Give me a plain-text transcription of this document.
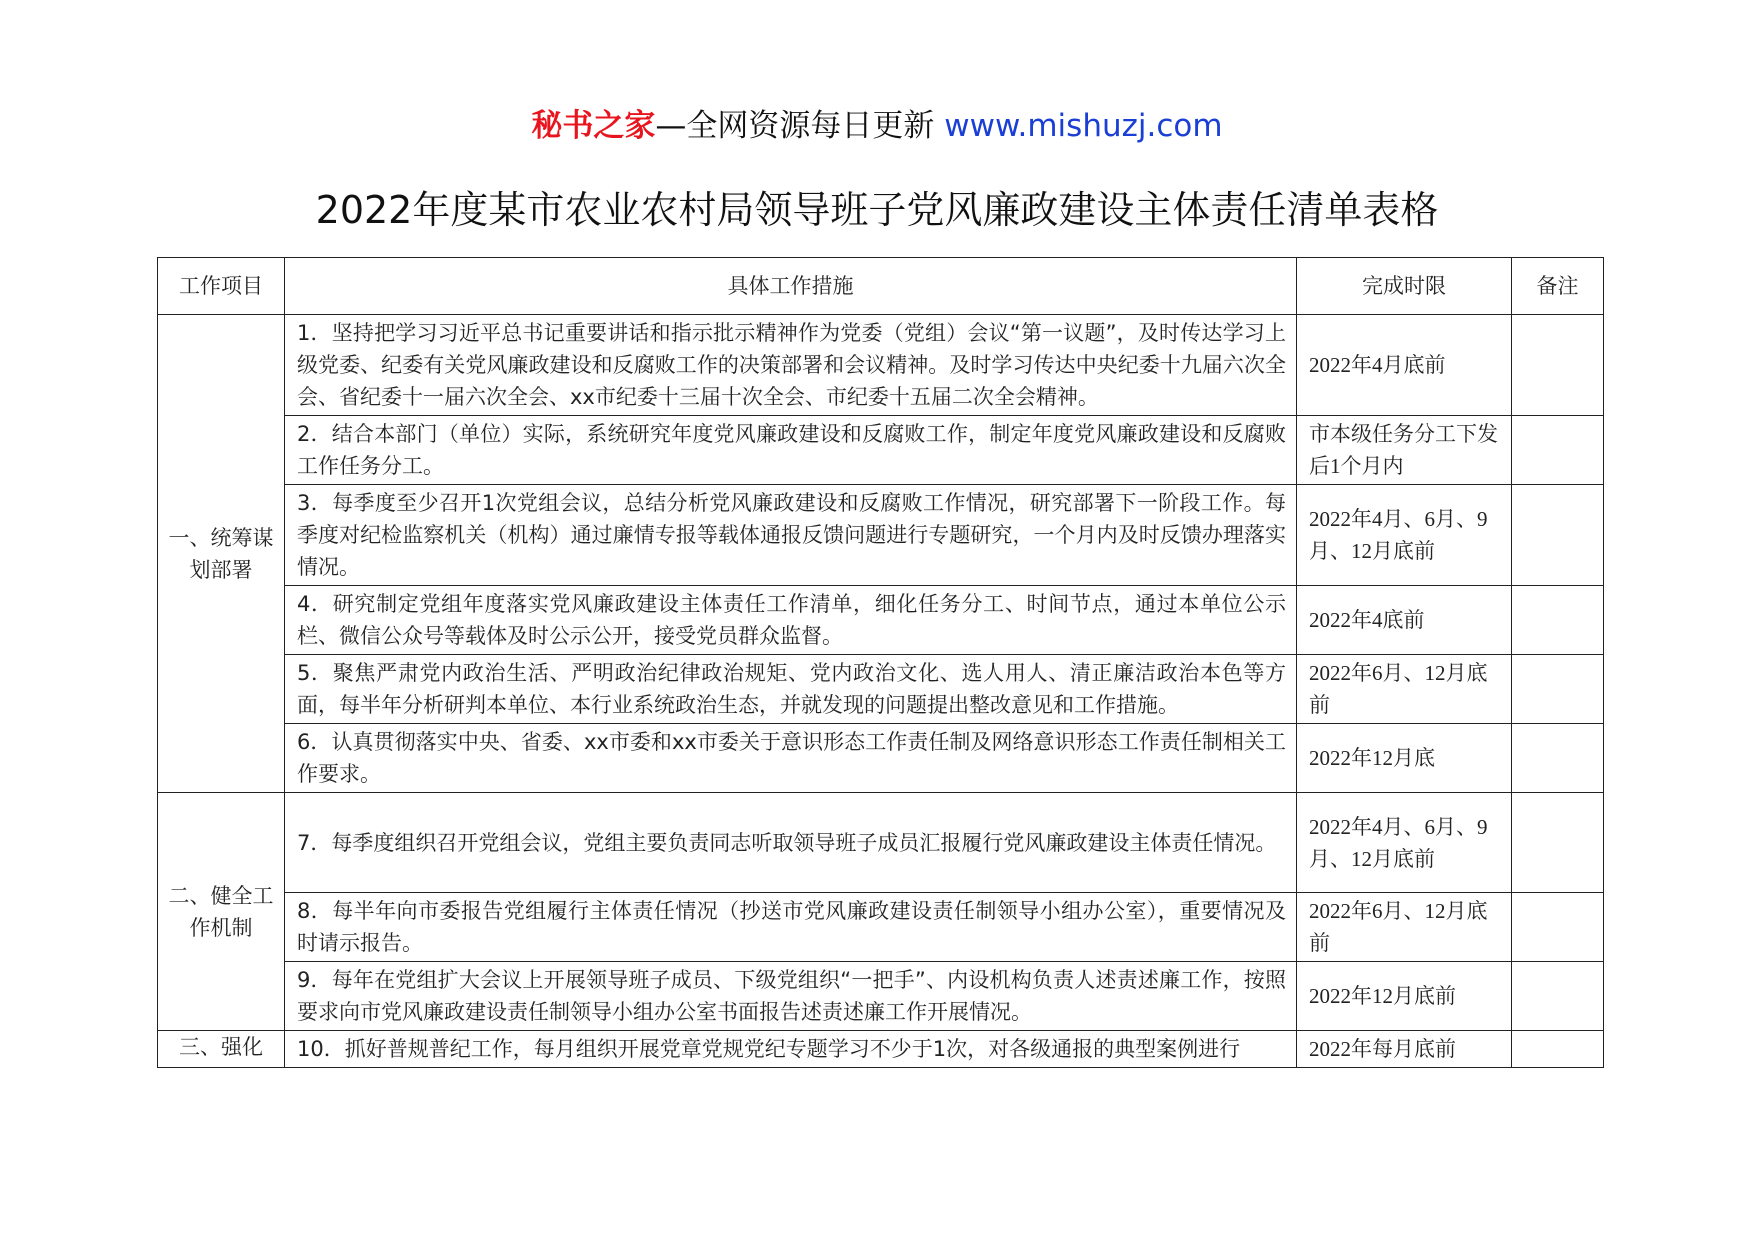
秘书之家—全网资源每日更新 www.mishuzj.com
2022年度某市农业农村局领导班子党风廉政建设主体责任清单表格
工作项目	具体工作措施	完成时限	备注
一、统筹谋划部署	1．坚持把学习习近平总书记重要讲话和指示批示精神作为党委（党组）会议“第一议题”，及时传达学习上级党委、纪委有关党风廉政建设和反腐败工作的决策部署和会议精神。及时学习传达中央纪委十九届六次全会、省纪委十一届六次全会、xx市纪委十三届十次全会、市纪委十五届二次全会精神。	2022年4月底前	
	2．结合本部门（单位）实际，系统研究年度党风廉政建设和反腐败工作，制定年度党风廉政建设和反腐败工作任务分工。	市本级任务分工下发后1个月内	
	3．每季度至少召开1次党组会议，总结分析党风廉政建设和反腐败工作情况，研究部署下一阶段工作。每季度对纪检监察机关（机构）通过廉情专报等载体通报反馈问题进行专题研究，一个月内及时反馈办理落实情况。	2022年4月、6月、9月、12月底前	
	4．研究制定党组年度落实党风廉政建设主体责任工作清单，细化任务分工、时间节点，通过本单位公示栏、微信公众号等载体及时公示公开，接受党员群众监督。	2022年4底前	
	5．聚焦严肃党内政治生活、严明政治纪律政治规矩、党内政治文化、选人用人、清正廉洁政治本色等方面，每半年分析研判本单位、本行业系统政治生态，并就发现的问题提出整改意见和工作措施。	2022年6月、12月底前	
	6．认真贯彻落实中央、省委、xx市委和xx市委关于意识形态工作责任制及网络意识形态工作责任制相关工作要求。	2022年12月底	
二、健全工作机制	7．每季度组织召开党组会议，党组主要负责同志听取领导班子成员汇报履行党风廉政建设主体责任情况。	2022年4月、6月、9月、12月底前	
	8．每半年向市委报告党组履行主体责任情况（抄送市党风廉政建设责任制领导小组办公室），重要情况及时请示报告。	2022年6月、12月底前	
	9．每年在党组扩大会议上开展领导班子成员、下级党组织“一把手”、内设机构负责人述责述廉工作，按照要求向市党风廉政建设责任制领导小组办公室书面报告述责述廉工作开展情况。	2022年12月底前	
三、强化	10．抓好普规普纪工作，每月组织开展党章党规党纪专题学习不少于1次，对各级通报的典型案例进行	2022年每月底前	
